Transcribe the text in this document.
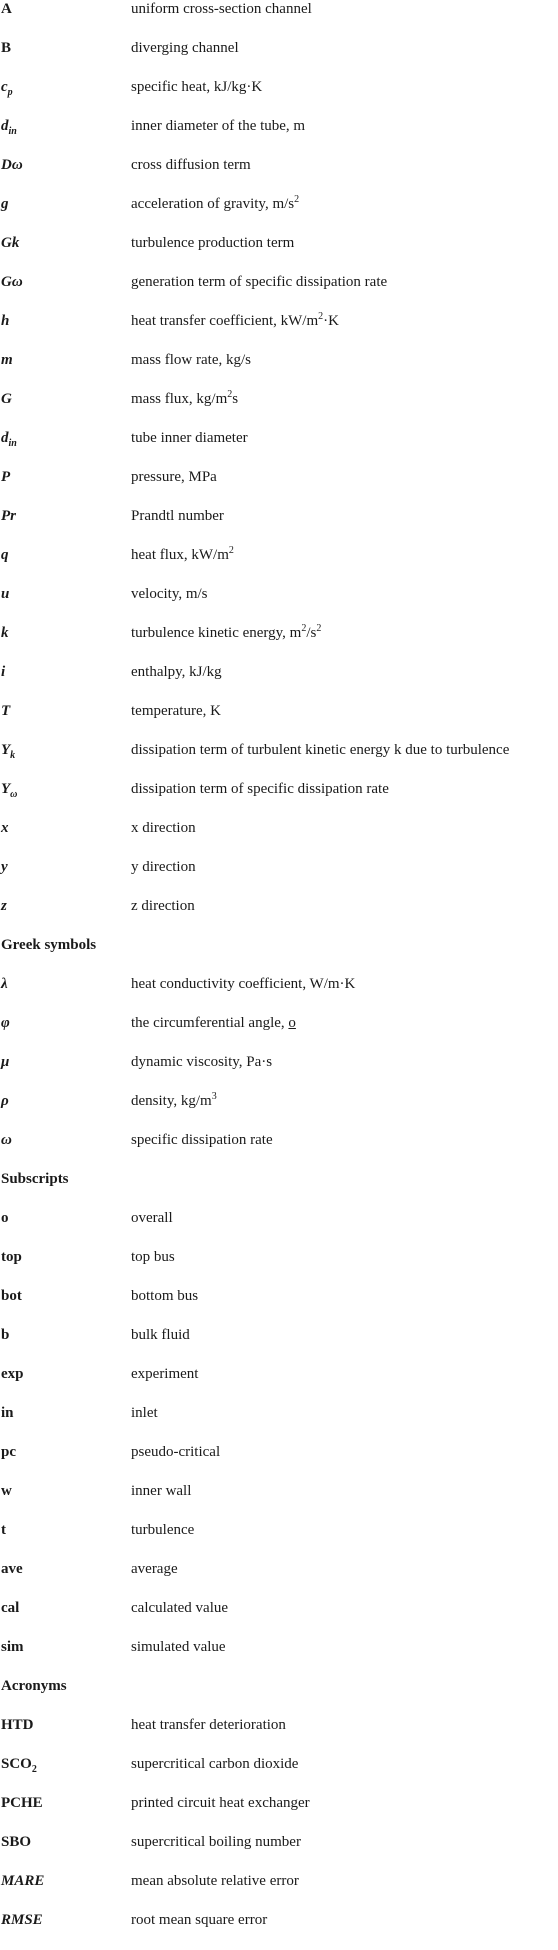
A	uniform cross-section channel
B	diverging channel
$c_p$	specific heat, kJ/kg·K
$d_{in}$	inner diameter of the tube, m
Dω	cross diffusion term
g	acceleration of gravity, $m/s^2$
Gk	turbulence production term
Gω	generation term of specific dissipation rate
h	heat transfer coefficient, $kW/m^2\cdot K$
m	mass flow rate, kg/s
G	mass flux, $kg/m^2s$
$d_{in}$	tube inner diameter
P	pressure, MPa
Pr	Prandtl number
q	heat flux, $kW/m^2$
u	velocity, m/s
k	turbulence kinetic energy, $m^2/s^2$
i	enthalpy, kJ/kg
T	temperature, K
$Y_k$	dissipation term of turbulent kinetic energy k due to turbulence
$Y_\omega$	dissipation term of specific dissipation rate
x	x direction
y	y direction
z	z direction
Greek symbols
λ	heat conductivity coefficient, W/m·K
φ	the circumferential angle, o
μ	dynamic viscosity, Pa·s
ρ	density, $kg/m^3$
ω	specific dissipation rate
Subscripts
o	overall
top	top bus
bot	bottom bus
b	bulk fluid
exp	experiment
in	inlet
pc	pseudo-critical
w	inner wall
t	turbulence
ave	average
cal	calculated value
sim	simulated value
Acronyms
HTD	heat transfer deterioration
$SCO_2$	supercritical carbon dioxide
PCHE	printed circuit heat exchanger
SBO	supercritical boiling number
MARE	mean absolute relative error
RMSE	root mean square error
